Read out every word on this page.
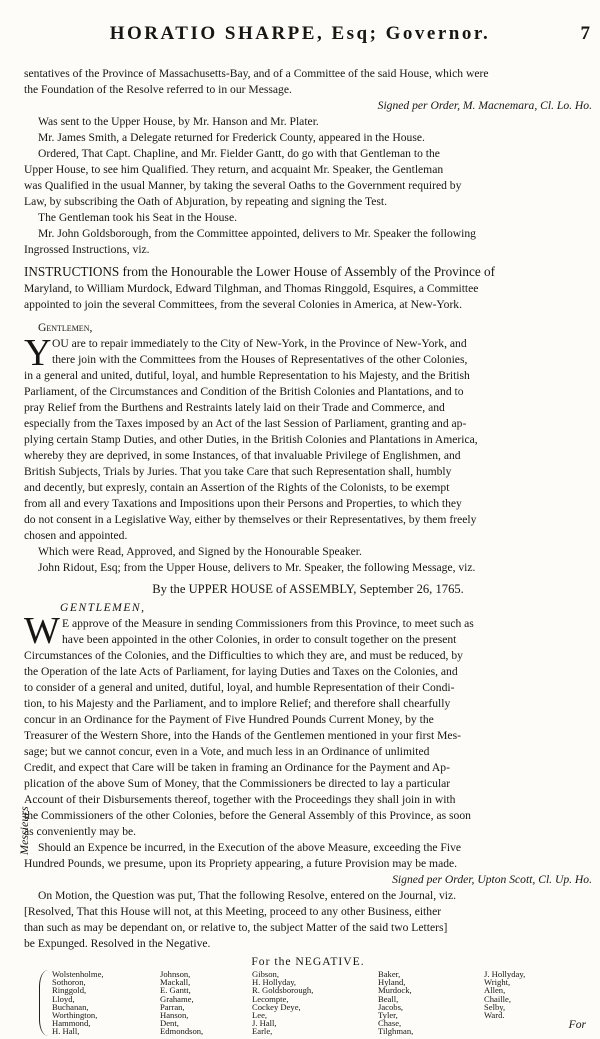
HORATIO SHARPE, Esq; Governor.	7
sentatives of the Province of Massachusetts-Bay, and of a Committee of the said House, which were
the Foundation of the Resolve referred to in our Message.
Signed per Order, M. Macnemara, Cl. Lo. Ho.
Was sent to the Upper House, by Mr. Hanson and Mr. Plater.
Mr. James Smith, a Delegate returned for Frederick County, appeared in the House.
Ordered, That Capt. Chapline, and Mr. Fielder Gantt, do go with that Gentleman to the
Upper House, to see him Qualified. They return, and acquaint Mr. Speaker, the Gentleman
was Qualified in the usual Manner, by taking the several Oaths to the Government required by
Law, by subscribing the Oath of Abjuration, by repeating and signing the Test.
The Gentleman took his Seat in the House.
Mr. John Goldsborough, from the Committee appointed, delivers to Mr. Speaker the following
Ingrossed Instructions, viz.
INSTRUCTIONS from the Honourable the Lower House of Assembly of the Province of
Maryland, to William Murdock, Edward Tilghman, and Thomas Ringgold, Esquires, a Committee
appointed to join the several Committees, from the several Colonies in America, at New-York.
Gentlemen,
Y OU are to repair immediately to the City of New-York, in the Province of New-York, and
there join with the Committees from the Houses of Representatives of the other Colonies,
in a general and united, dutiful, loyal, and humble Representation to his Majesty, and the British
Parliament, of the Circumstances and Condition of the British Colonies and Plantations, and to
pray Relief from the Burthens and Restraints lately laid on their Trade and Commerce, and
especially from the Taxes imposed by an Act of the last Session of Parliament, granting and ap-
plying certain Stamp Duties, and other Duties, in the British Colonies and Plantations in America,
whereby they are deprived, in some Instances, of that invaluable Privilege of Englishmen, and
British Subjects, Trials by Juries. That you take Care that such Representation shall, humbly
and decently, but expresly, contain an Assertion of the Rights of the Colonists, to be exempt
from all and every Taxations and Impositions upon their Persons and Properties, to which they
do not consent in a Legislative Way, either by themselves or their Representatives, by them freely
chosen and appointed.
Which were Read, Approved, and Signed by the Honourable Speaker.
John Ridout, Esq; from the Upper House, delivers to Mr. Speaker, the following Message, viz.
By the UPPER HOUSE of ASSEMBLY, September 26, 1765.
GENTLEMEN,
W E approve of the Measure in sending Commissioners from this Province, to meet such as
have been appointed in the other Colonies, in order to consult together on the present
Circumstances of the Colonies, and the Difficulties to which they are, and must be reduced, by
the Operation of the late Acts of Parliament, for laying Duties and Taxes on the Colonies, and
to consider of a general and united, dutiful, loyal, and humble Representation of their Condi-
tion, to his Majesty and the Parliament, and to implore Relief; and therefore shall chearfully
concur in an Ordinance for the Payment of Five Hundred Pounds Current Money, by the
Treasurer of the Western Shore, into the Hands of the Gentlemen mentioned in your first Mes-
sage; but we cannot concur, even in a Vote, and much less in an Ordinance of unlimited
Credit, and expect that Care will be taken in framing an Ordinance for the Payment and Ap-
plication of the above Sum of Money, that the Commissioners be directed to lay a particular
Account of their Disbursements thereof, together with the Proceedings they shall join in with
the Commissioners of the other Colonies, before the General Assembly of this Province, as soon
as conveniently may be.
Should an Expence be incurred, in the Execution of the above Measure, exceeding the Five
Hundred Pounds, we presume, upon its Propriety appearing, a future Provision may be made.
Signed per Order, Upton Scott, Cl. Up. Ho.
On Motion, the Question was put, That the following Resolve, entered on the Journal, viz.
[Resolved, That this House will not, at this Meeting, proceed to any other Business, either
than such as may be dependant on, or relative to, the subject Matter of the said two Letters]
be Expunged. Resolved in the Negative.
For the NEGATIVE.
Messieurs
Wolstenholme,
Sothoron,
Ringgold,
Lloyd,
Buchanan,
Worthington,
Hammond,
H. Hall,
Johnson,
Mackall,
E. Gantt,
Grahame,
Parran,
Hanson,
Dent,
Edmondson,
Gibson,
H. Hollyday,
R. Goldsborough,
Lecompte,
Cockey Deye,
Lee,
J. Hall,
Earle,
Baker,
Hyland,
Murdock,
Beall,
Jacobs,
Tyler,
Chase,
Tilghman,
J. Hollyday,
Wright,
Allen,
Chaille,
Selby,
Ward.
For
